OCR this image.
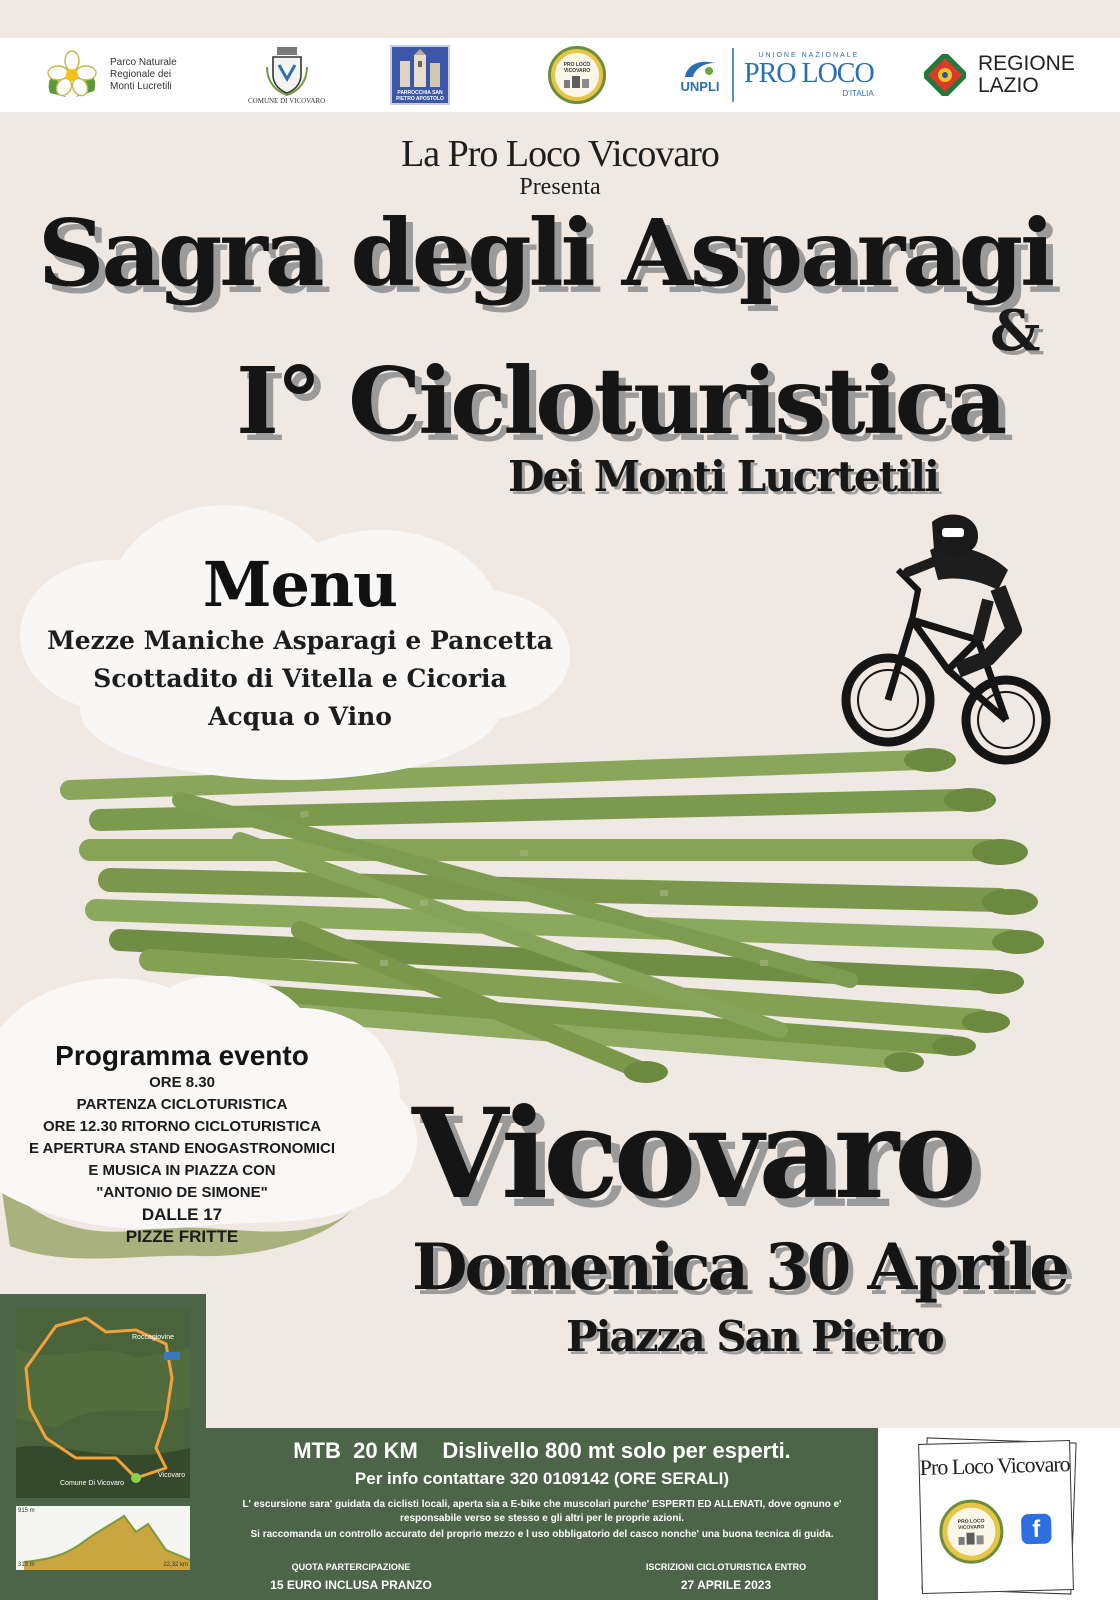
Parco Naturale Regionale dei Monti Lucretili
COMUNE DI VICOVARO
PARROCCHIA SAN PIETRO APOSTOLO
PRO LOCO VICOVARO
UNPLI
UNIONE NAZIONALE
PRO LOCO
D'ITALIA
REGIONE LAZIO
La Pro Loco Vicovaro
Presenta
Sagra degli Asparagi
&
I° Cicloturistica
Dei Monti Lucrtetili
Menu
Mezze Maniche Asparagi e Pancetta
Scottadito di Vitella e Cicoria
Acqua o Vino
Programma evento
ORE 8.30
PARTENZA CICLOTURISTICA
ORE 12.30 RITORNO CICLOTURISTICA
E APERTURA STAND ENOGASTRONOMICI
E MUSICA IN PIAZZA CON
"ANTONIO DE SIMONE"
DALLE 17
PIZZE FRITTE
Vicovaro
Domenica 30 Aprile
Piazza San Pietro
Roccagiovine
Comune Di Vicovaro
Vicovaro
915 m
313 m	22,32 km
MTB  20 KM    Dislivello 800 mt solo per esperti.
Per info contattare 320 0109142 (ORE SERALI)
L' escursione sara' guidata da ciclisti locali, aperta sia a E-bike che muscolari purche' ESPERTI ED ALLENATI, dove ognuno e' responsabile verso se stesso e gli altri per le proprie azioni.
Si raccomanda un controllo accurato del proprio mezzo e l uso obbligatorio del casco nonche' una buona tecnica di guida.
QUOTA PARTERCIPAZIONE
15 EURO INCLUSA PRANZO
ISCRIZIONI CICLOTURISTICA ENTRO
27 APRILE 2023
Pro Loco Vicovaro
PRO LOCO VICOVARO	f
